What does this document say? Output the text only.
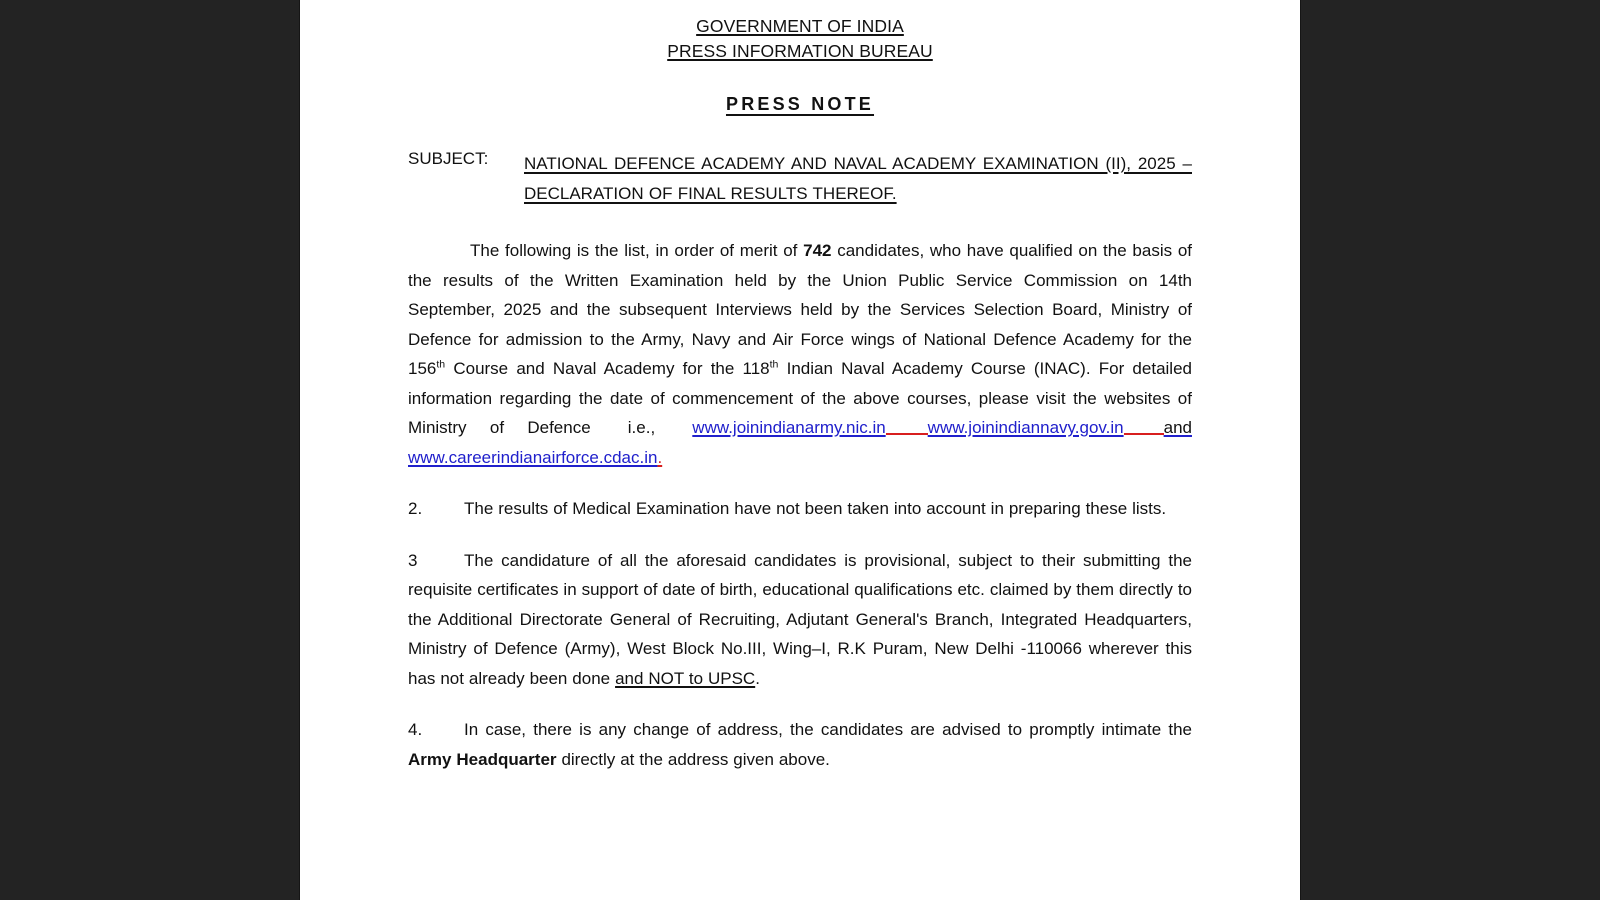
GOVERNMENT OF INDIA
PRESS INFORMATION BUREAU
PRESS NOTE
SUBJECT:	NATIONAL DEFENCE ACADEMY AND NAVAL ACADEMY EXAMINATION (II), 2025 – DECLARATION OF FINAL RESULTS THEREOF.

The following is the list, in order of merit of 742 candidates, who have qualified on the basis of the results of the Written Examination held by the Union Public Service Commission on 14th September, 2025 and the subsequent Interviews held by the Services Selection Board, Ministry of Defence for admission to the Army, Navy and Air Force wings of National Defence Academy for the 156th Course and Naval Academy for the 118th Indian Naval Academy Course (INAC). For detailed information regarding the date of commencement of the above courses, please visit the websites of Ministry of Defence i.e., www.joinindianarmy.nic.in www.joinindiannavy.gov.in and www.careerindianairforce.cdac.in.

2. The results of Medical Examination have not been taken into account in preparing these lists.

3	The candidature of all the aforesaid candidates is provisional, subject to their submitting the requisite certificates in support of date of birth, educational qualifications etc. claimed by them directly to the Additional Directorate General of Recruiting, Adjutant General's Branch, Integrated Headquarters, Ministry of Defence (Army), West Block No.III, Wing–I, R.K Puram, New Delhi -110066 wherever this has not already been done and NOT to UPSC.

4. In case, there is any change of address, the candidates are advised to promptly intimate the Army Headquarter directly at the address given above.
